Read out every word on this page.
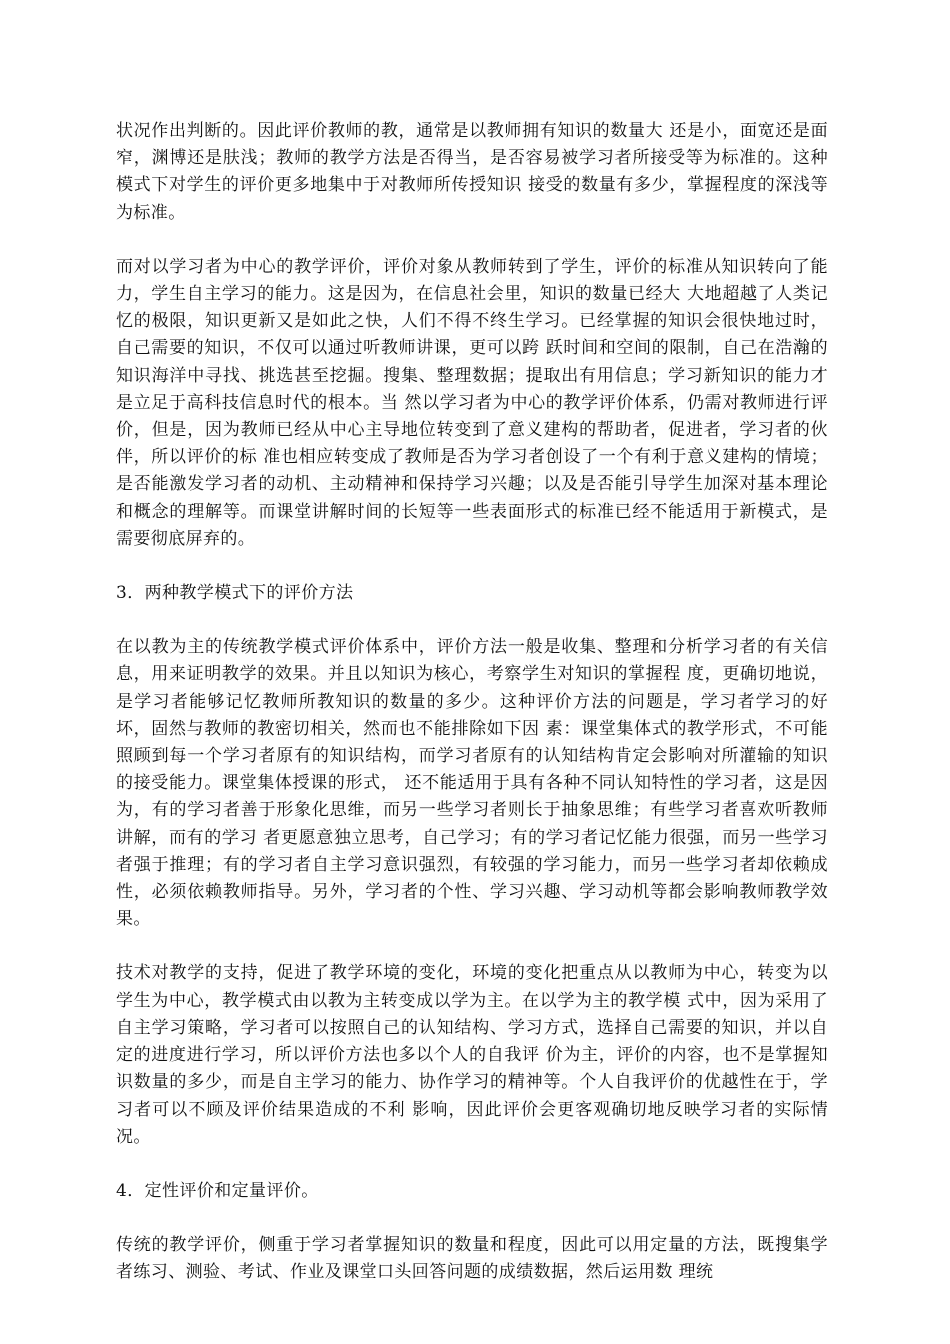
状况作出判断的。因此评价教师的教，通常是以教师拥有知识的数量大 还是小，面宽还是面窄，渊博还是肤浅；教师的教学方法是否得当，是否容易被学习者所接受等为标准的。这种模式下对学生的评价更多地集中于对教师所传授知识 接受的数量有多少，掌握程度的深浅等为标准。

而对以学习者为中心的教学评价，评价对象从教师转到了学生，评价的标准从知识转向了能力，学生自主学习的能力。这是因为，在信息社会里，知识的数量已经大 大地超越了人类记忆的极限，知识更新又是如此之快，人们不得不终生学习。已经掌握的知识会很快地过时，自己需要的知识，不仅可以通过听教师讲课，更可以跨 跃时间和空间的限制，自己在浩瀚的知识海洋中寻找、挑选甚至挖掘。搜集、整理数据；提取出有用信息；学习新知识的能力才是立足于高科技信息时代的根本。当 然以学习者为中心的教学评价体系，仍需对教师进行评价，但是，因为教师已经从中心主导地位转变到了意义建构的帮助者，促进者，学习者的伙伴，所以评价的标 准也相应转变成了教师是否为学习者创设了一个有利于意义建构的情境；是否能激发学习者的动机、主动精神和保持学习兴趣；以及是否能引导学生加深对基本理论 和概念的理解等。而课堂讲解时间的长短等一些表面形式的标准已经不能适用于新模式，是需要彻底屏弃的。

3．两种教学模式下的评价方法

在以教为主的传统教学模式评价体系中，评价方法一般是收集、整理和分析学习者的有关信息，用来证明教学的效果。并且以知识为核心，考察学生对知识的掌握程 度，更确切地说，是学习者能够记忆教师所教知识的数量的多少。这种评价方法的问题是，学习者学习的好坏，固然与教师的教密切相关，然而也不能排除如下因 素：课堂集体式的教学形式，不可能照顾到每一个学习者原有的知识结构，而学习者原有的认知结构肯定会影响对所灌输的知识的接受能力。课堂集体授课的形式， 还不能适用于具有各种不同认知特性的学习者，这是因为，有的学习者善于形象化思维，而另一些学习者则长于抽象思维；有些学习者喜欢听教师讲解，而有的学习 者更愿意独立思考，自己学习；有的学习者记忆能力很强，而另一些学习者强于推理；有的学习者自主学习意识强烈，有较强的学习能力，而另一些学习者却依赖成 性，必须依赖教师指导。另外，学习者的个性、学习兴趣、学习动机等都会影响教师教学效果。

技术对教学的支持，促进了教学环境的变化，环境的变化把重点从以教师为中心，转变为以学生为中心，教学模式由以教为主转变成以学为主。在以学为主的教学模 式中，因为采用了自主学习策略，学习者可以按照自己的认知结构、学习方式，选择自己需要的知识，并以自定的进度进行学习，所以评价方法也多以个人的自我评 价为主，评价的内容，也不是掌握知识数量的多少，而是自主学习的能力、协作学习的精神等。个人自我评价的优越性在于，学习者可以不顾及评价结果造成的不利 影响，因此评价会更客观确切地反映学习者的实际情况。

4．定性评价和定量评价。

传统的教学评价，侧重于学习者掌握知识的数量和程度，因此可以用定量的方法，既搜集学者练习、测验、考试、作业及课堂口头回答问题的成绩数据，然后运用数 理统
